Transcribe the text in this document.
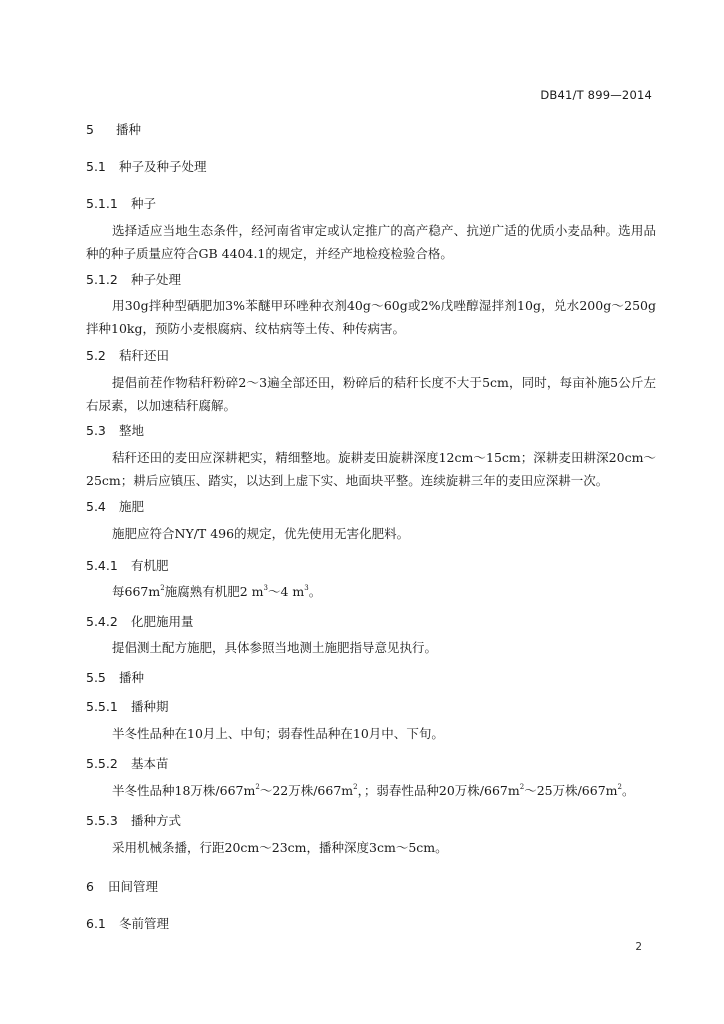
DB41/T 899—2014
5 播种
5.1 种子及种子处理
5.1.1 种子
选择适应当地生态条件，经河南省审定或认定推广的高产稳产、抗逆广适的优质小麦品种。选用品种的种子质量应符合GB 4404.1的规定，并经产地检疫检验合格。
5.1.2 种子处理
用30g拌种型硒肥加3%苯醚甲环唑种衣剂40g～60g或2%戊唑醇湿拌剂10g，兑水200g～250g拌种10kg，预防小麦根腐病、纹枯病等土传、种传病害。
5.2 秸秆还田
提倡前茬作物秸秆粉碎2～3遍全部还田，粉碎后的秸秆长度不大于5cm，同时，每亩补施5公斤左右尿素，以加速秸秆腐解。
5.3 整地
秸秆还田的麦田应深耕耙实，精细整地。旋耕麦田旋耕深度12cm～15cm；深耕麦田耕深20cm～25cm；耕后应镇压、踏实，以达到上虚下实、地面块平整。连续旋耕三年的麦田应深耕一次。
5.4 施肥
施肥应符合NY/T 496的规定，优先使用无害化肥料。
5.4.1 有机肥
每$667m^2$施腐熟有机肥2 $m^3\sim 4$ $m^3$。
5.4.2 化肥施用量
提倡测土配方施肥，具体参照当地测土施肥指导意见执行。
5.5 播种
5.5.1 播种期
半冬性品种在10月上、中旬；弱春性品种在10月中、下旬。
5.5.2 基本苗
半冬性品种18万株$/667m^2\sim 22$万株$/667m^2$，；弱春性品种20万株$/667m^2\sim 25$万株$/667m^2$。
5.5.3 播种方式
采用机械条播，行距20cm～23cm，播种深度3cm～5cm。
6 田间管理
6.1 冬前管理
2
